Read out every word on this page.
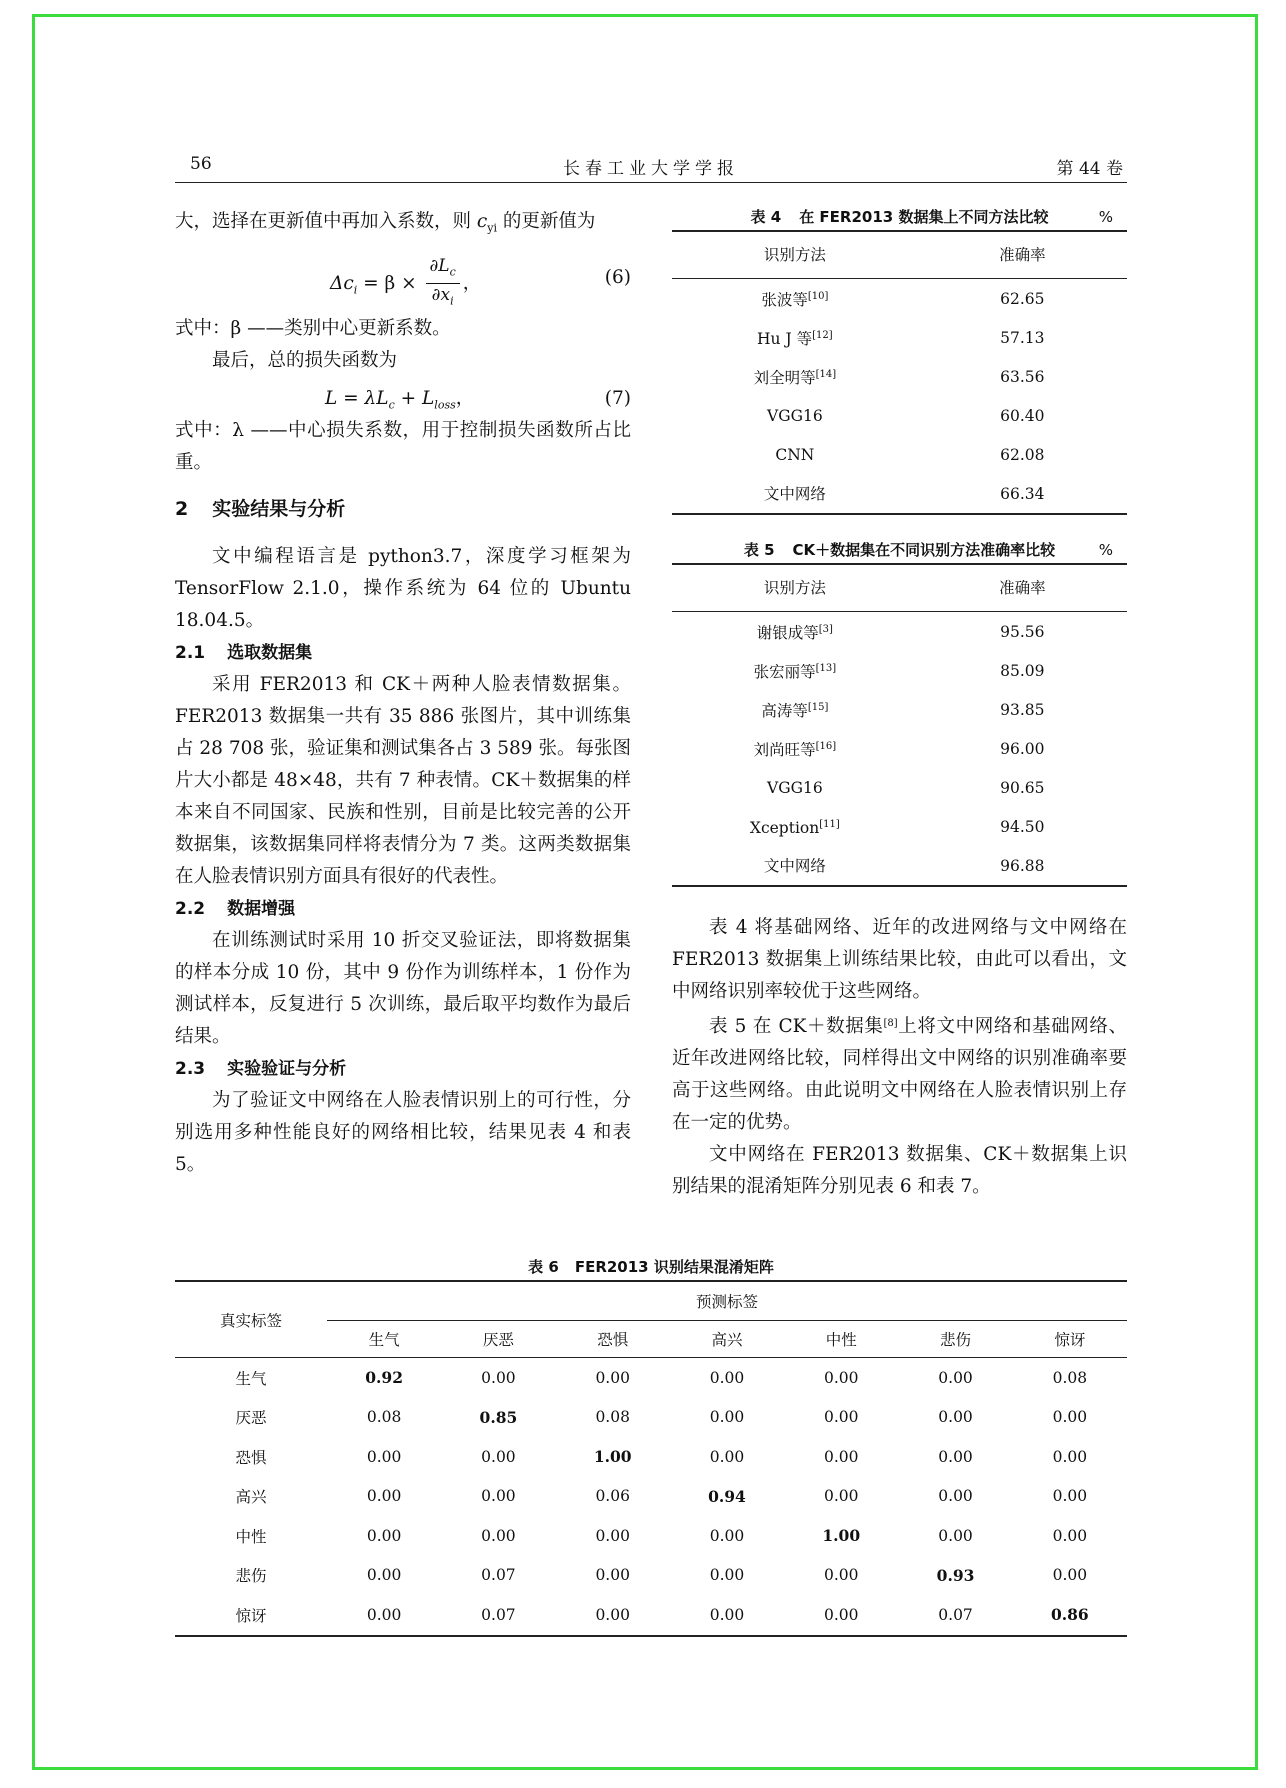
56	长春工业大学学报	第 44 卷

大，选择在更新值中再加入系数，则 $c_{yi}$ 的更新值为

$\Delta c_i = \beta \times \frac{\partial L_c}{\partial x_i}$ ，	(6)

式中：β ——类别中心更新系数。

最后，总的损失函数为

$L = \lambda L_c + L_{loss}$，	(7)

式中：λ ——中心损失系数，用于控制损失函数所占比重。

2 实验结果与分析

文中编程语言是 python3.7，深度学习框架为 TensorFlow 2.1.0，操作系统为 64 位的 Ubuntu 18.04.5。

2.1 选取数据集

采用 FER2013 和 CK＋两种人脸表情数据集。FER2013 数据集一共有 35 886 张图片，其中训练集占 28 708 张，验证集和测试集各占 3 589 张。每张图片大小都是 48×48，共有 7 种表情。CK＋数据集的样本来自不同国家、民族和性别，目前是比较完善的公开数据集，该数据集同样将表情分为 7 类。这两类数据集在人脸表情识别方面具有很好的代表性。

2.2 数据增强

在训练测试时采用 10 折交叉验证法，即将数据集的样本分成 10 份，其中 9 份作为训练样本，1 份作为测试样本，反复进行 5 次训练，最后取平均数作为最后结果。

2.3 实验验证与分析

为了验证文中网络在人脸表情识别上的可行性，分别选用多种性能良好的网络相比较，结果见表 4 和表 5。

表 4 在 FER2013 数据集上不同方法比较	%
识别方法	准确率
张波等[10]	62.65
Hu J 等[12]	57.13
刘全明等[14]	63.56
VGG16	60.40
CNN	62.08
文中网络	66.34
表 5 CK＋数据集在不同识别方法准确率比较	%
识别方法	准确率
谢银成等[3]	95.56
张宏丽等[13]	85.09
高涛等[15]	93.85
刘尚旺等[16]	96.00
VGG16	90.65
Xception[11]	94.50
文中网络	96.88

表 4 将基础网络、近年的改进网络与文中网络在 FER2013 数据集上训练结果比较，由此可以看出，文中网络识别率较优于这些网络。

表 5 在 CK＋数据集[8]上将文中网络和基础网络、近年改进网络比较，同样得出文中网络的识别准确率要高于这些网络。由此说明文中网络在人脸表情识别上存在一定的优势。

文中网络在 FER2013 数据集、CK＋数据集上识别结果的混淆矩阵分别见表 6 和表 7。

表 6 FER2013 识别结果混淆矩阵
真实标签	预测标签						
	生气	厌恶	恐惧	高兴	中性	悲伤	惊讶
生气	0.92	0.00	0.00	0.00	0.00	0.00	0.08
厌恶	0.08	0.85	0.08	0.00	0.00	0.00	0.00
恐惧	0.00	0.00	1.00	0.00	0.00	0.00	0.00
高兴	0.00	0.00	0.06	0.94	0.00	0.00	0.00
中性	0.00	0.00	0.00	0.00	1.00	0.00	0.00
悲伤	0.00	0.07	0.00	0.00	0.00	0.93	0.00
惊讶	0.00	0.07	0.00	0.00	0.00	0.07	0.86
